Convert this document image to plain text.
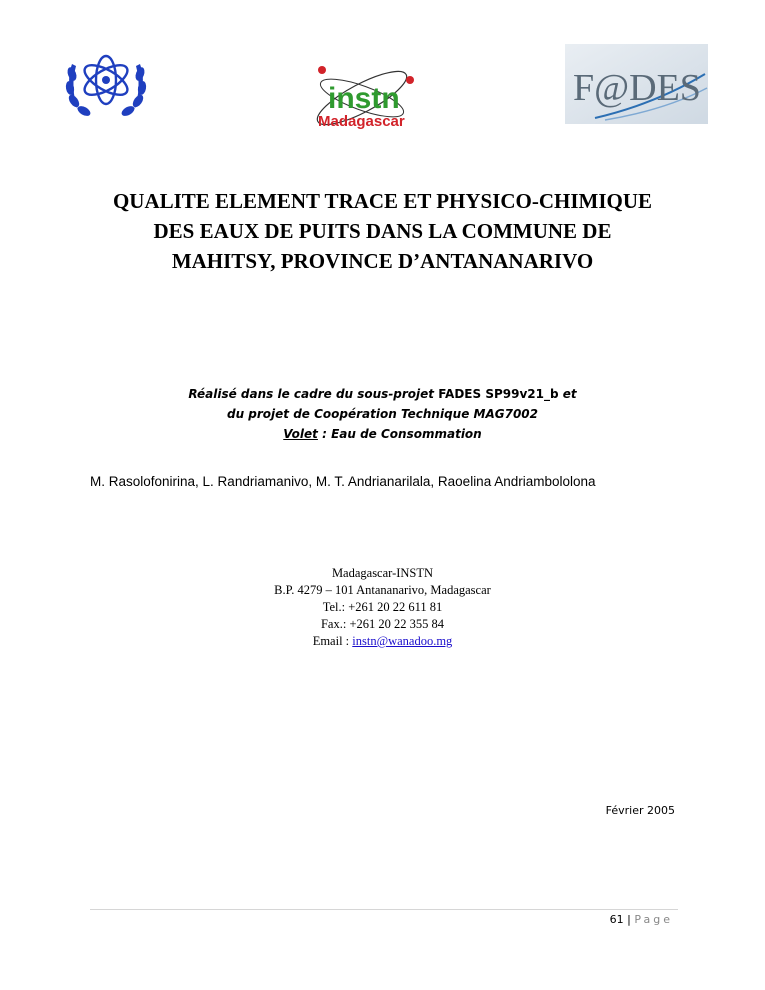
instn
Madagascar
F@DES
QUALITE ELEMENT TRACE ET PHYSICO-CHIMIQUE
DES EAUX DE PUITS DANS LA COMMUNE DE
MAHITSY, PROVINCE D’ANTANANARIVO
Réalisé dans le cadre du sous-projet FADES SP99v21_b et
du projet de Coopération Technique MAG7002
Volet : Eau de Consommation
M. Rasolofonirina, L. Randriamanivo, M. T. Andrianarilala, Raoelina Andriambololona
Madagascar-INSTN
B.P. 4279 – 101 Antananarivo, Madagascar
Tel.: +261 20 22 611 81
Fax.: +261 20 22 355 84
Email : instn@wanadoo.mg
Février 2005
61 | Page
